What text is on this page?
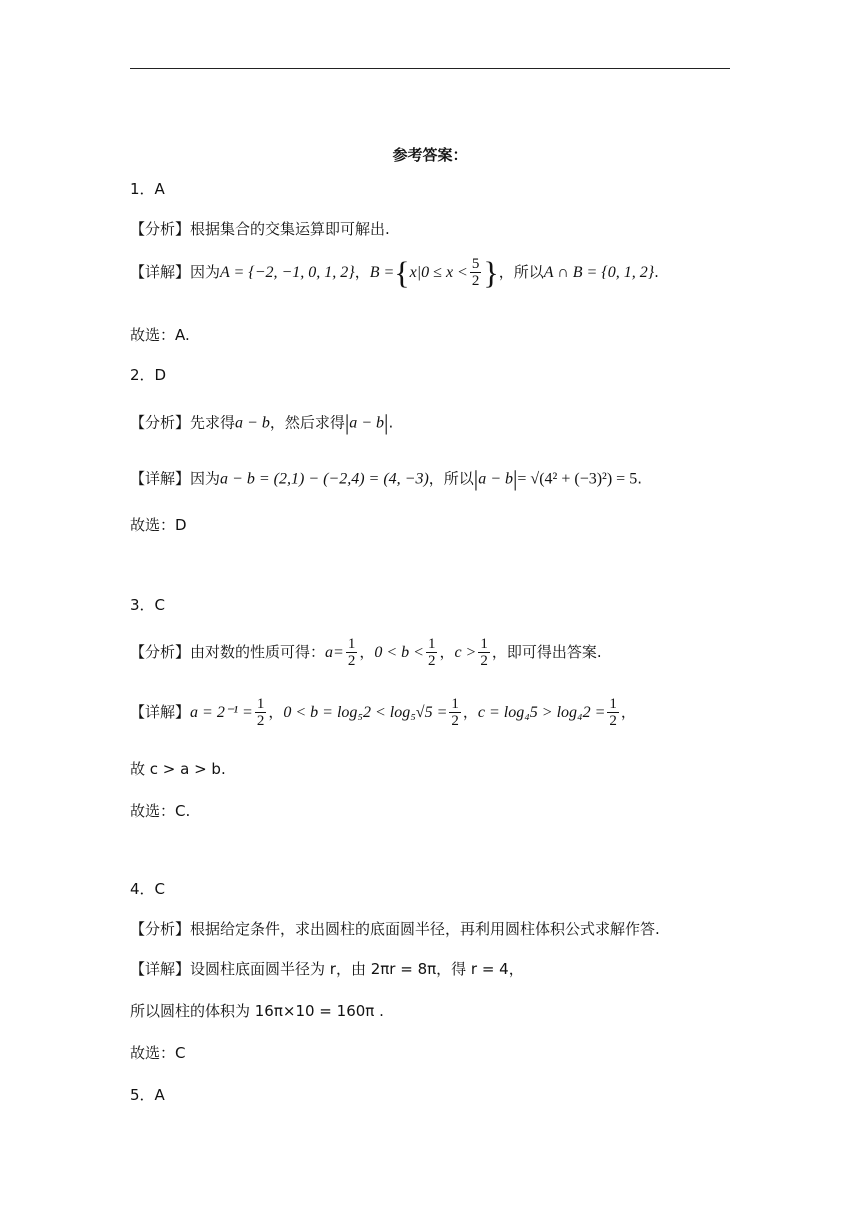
参考答案：
1．A
【分析】根据集合的交集运算即可解出.
【详解】因为A = {−2, −1, 0, 1, 2}，$B =\{x|0 \le x < \frac{5}{2}$ }，所以A ∩ B = {0, 1, 2}.
故选：A.
2．D
【分析】先求得a − b，然后求得|a − b|.
【详解】因为a − b = (2,1) − (−2,4) = (4, −3)，所以|a − b|= √(4² + (−3)²) = 5.
故选：D
3．C
【分析】由对数的性质可得：$a= \frac{1}{2}$ ，$0 < b < \frac{1}{2}$ ，$c > \frac{1}{2}$ ，即可得出答案.
【详解】$a = 2^{-1} = \frac{1}{2}$ ，$0 < b = \log_52 < \log_5√5 = \frac{1}{2}$ ，$c = \log_45 > \log_42 = \frac{1}{2}$ ，
故 c > a > b.
故选：C.
4．C
【分析】根据给定条件，求出圆柱的底面圆半径，再利用圆柱体积公式求解作答.
【详解】设圆柱底面圆半径为 r，由 2πr = 8π，得 r = 4，
所以圆柱的体积为 16π×10 = 160π .
故选：C
5．A
